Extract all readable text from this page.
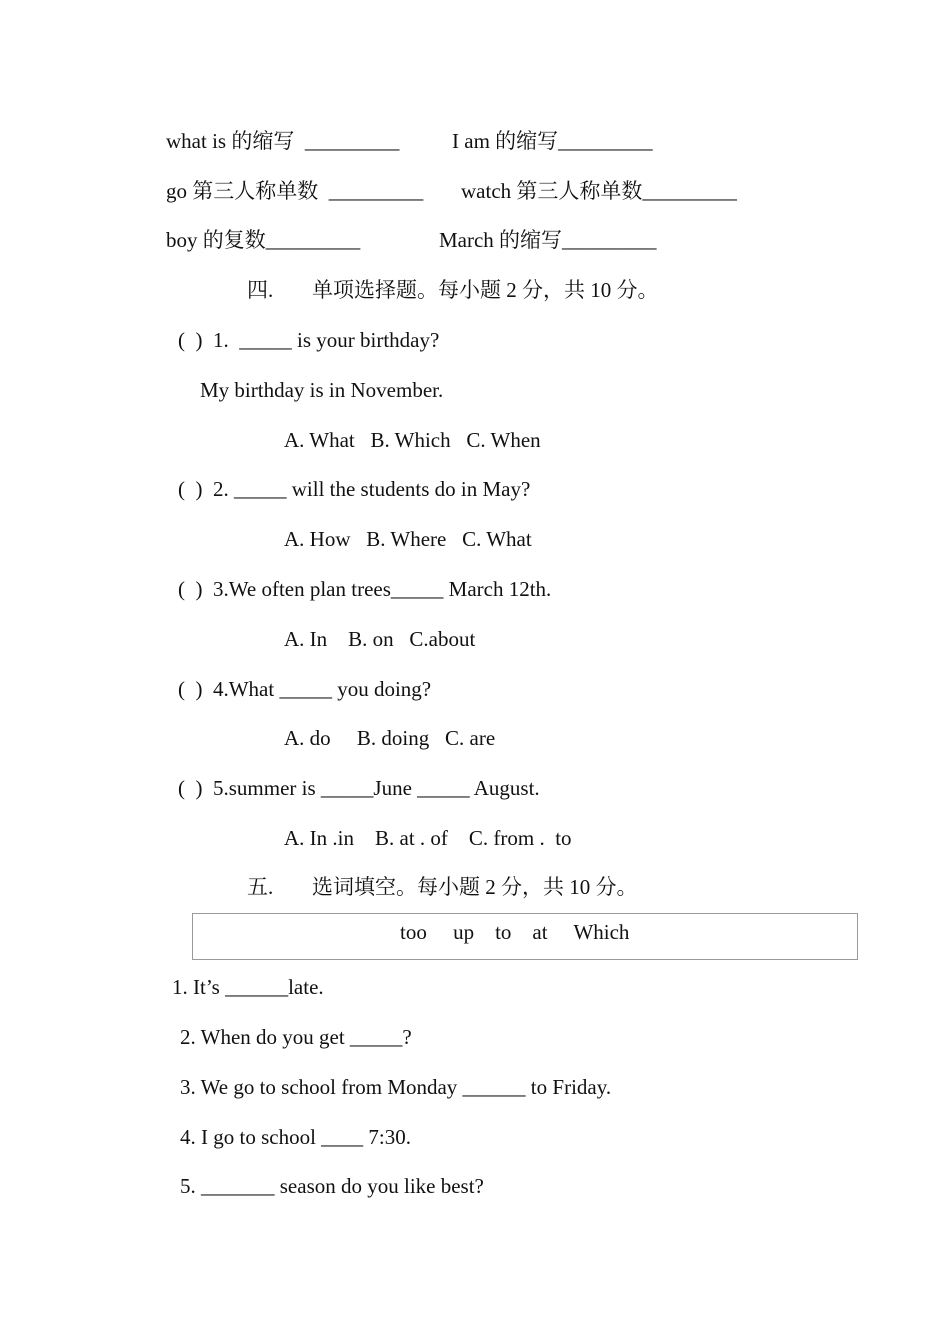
what is 的缩写  _________	I am 的缩写_________
go 第三人称单数  _________ watch 第三人称单数_________
boy 的复数_________	March 的缩写_________
四. 单项选择题。每小题 2 分，共 10 分。
(  )  1.  _____ is your birthday?
My birthday is in November.
A. What   B. Which   C. When
(  )  2. _____ will the students do in May?
A. How   B. Where   C. What
(  )  3.We often plan trees_____ March 12th.
A. In    B. on   C.about
(  )  4.What _____ you doing?
A. do     B. doing   C. are
(  )  5.summer is _____June _____ August.
A. In .in    B. at . of    C. from .  to
五. 选词填空。每小题 2 分，共 10 分。
too     up    to    at     Which
1. It’s ______late.
2. When do you get _____?
3. We go to school from Monday ______ to Friday.
4. I go to school ____ 7:30.
5. _______ season do you like best?
